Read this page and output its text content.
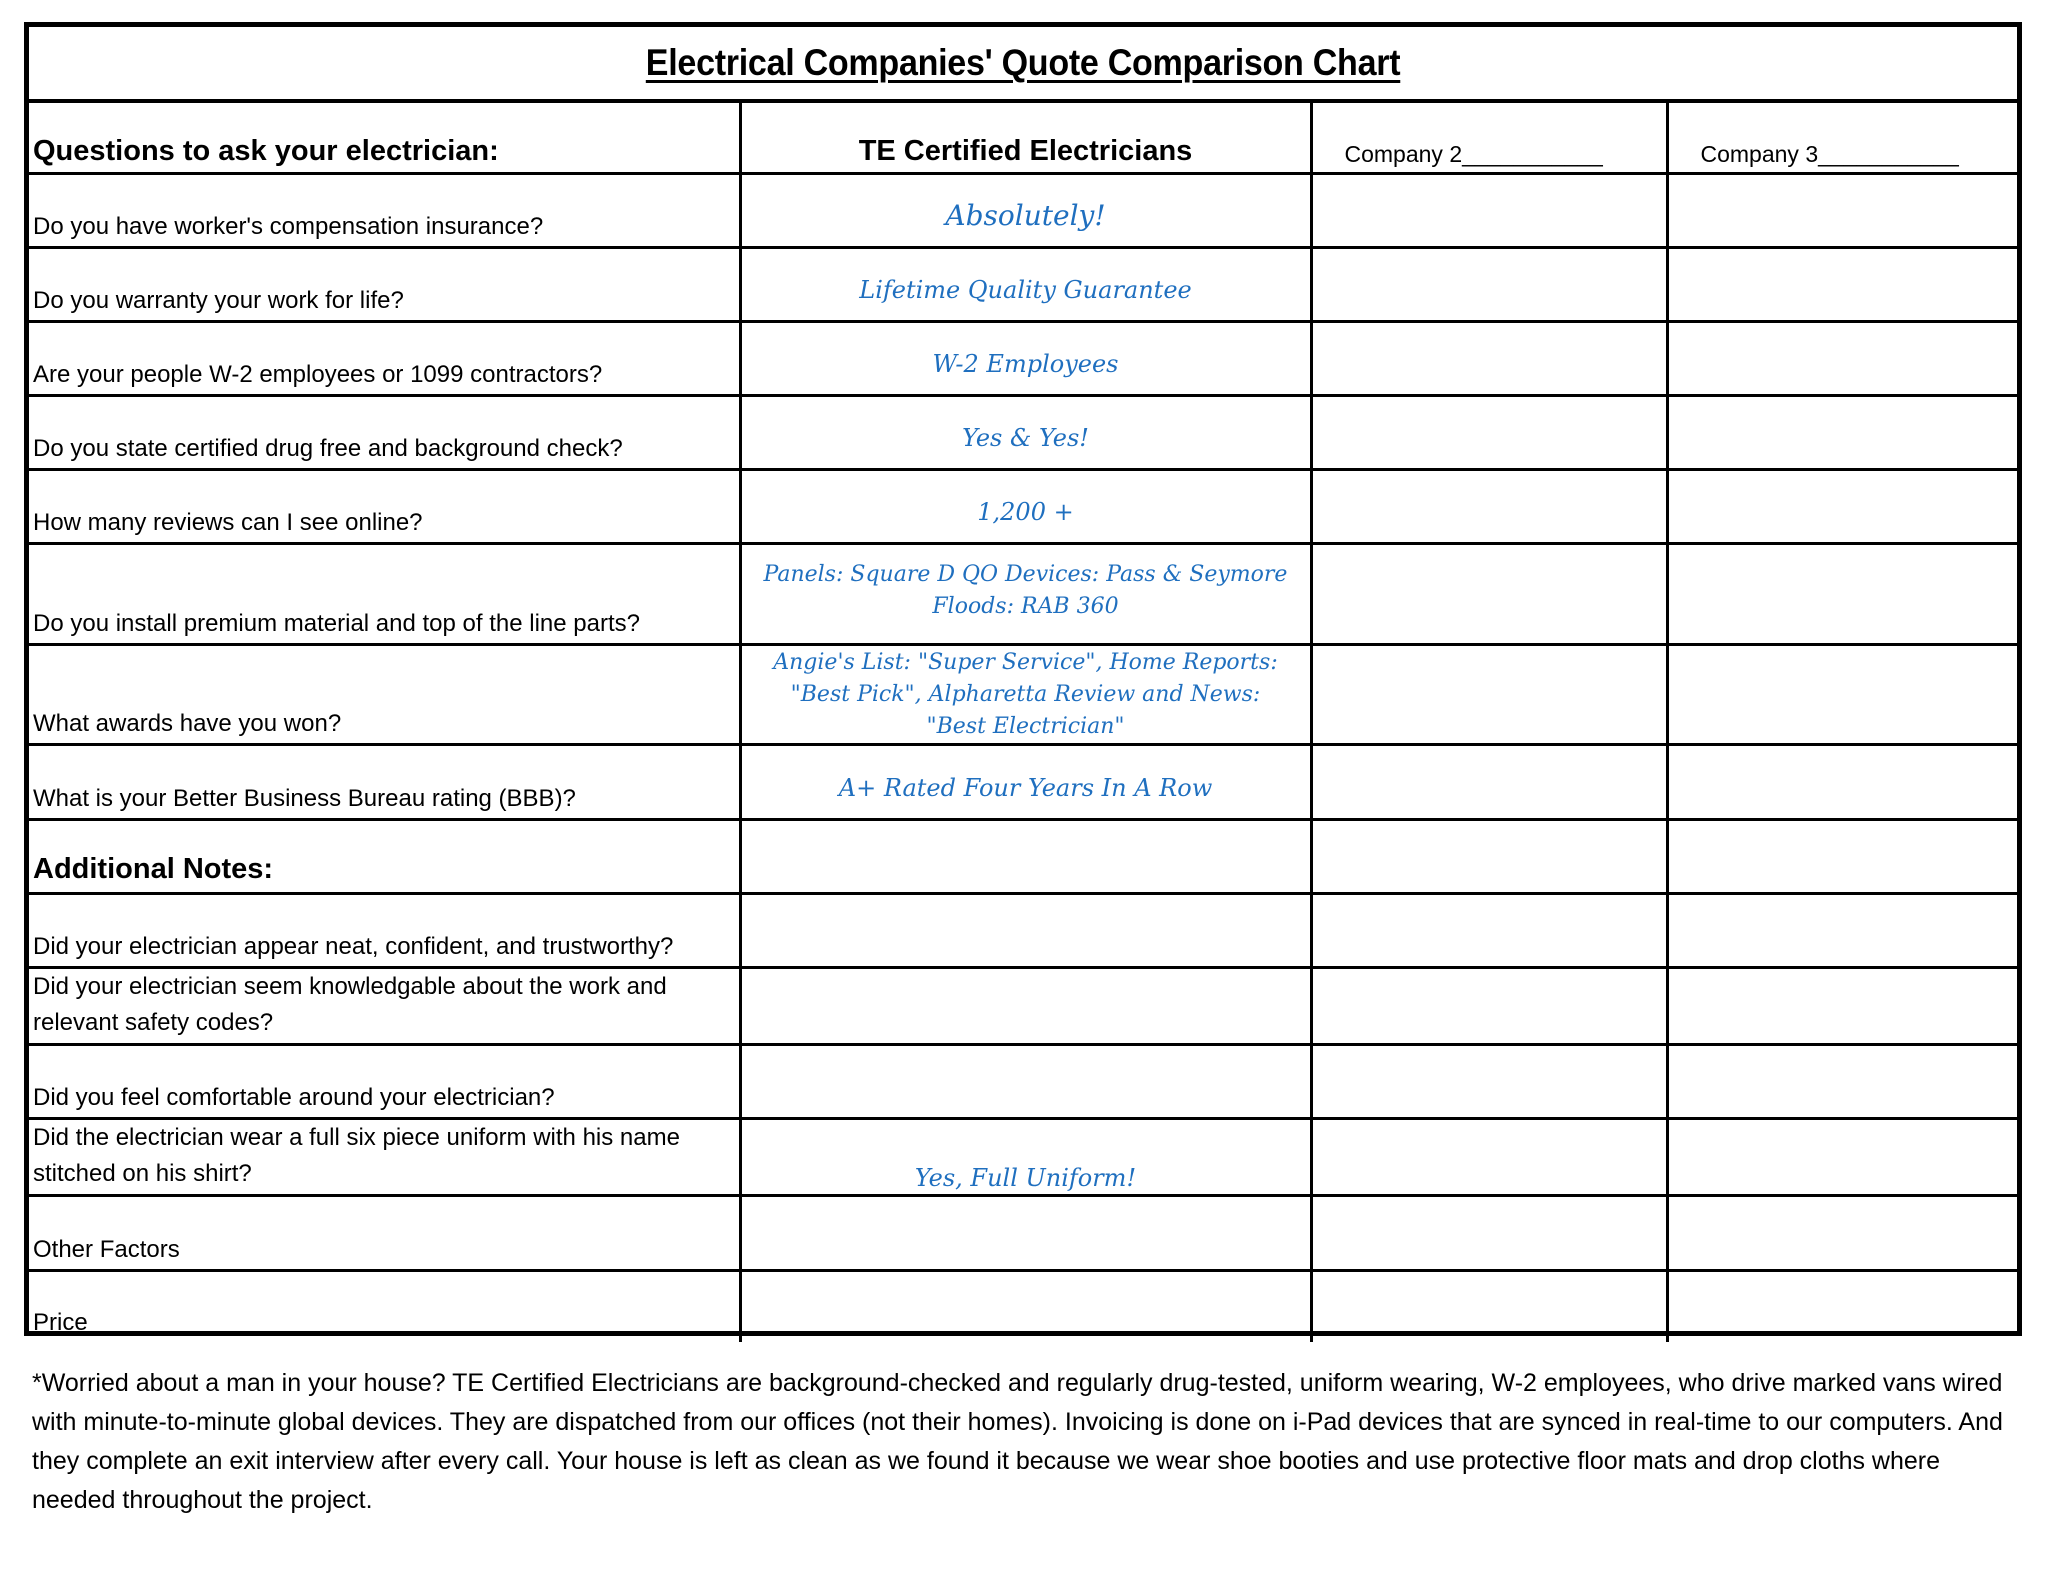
Electrical Companies' Quote Comparison Chart
Questions to ask your electrician:	TE Certified Electricians	Company 2___________	Company 3___________

Do you have worker's compensation insurance?	Absolutely!		

Do you warranty your work for life?	Lifetime Quality Guarantee		

Are your people W-2 employees or 1099 contractors?	W-2 Employees		

Do you state certified drug free and background check?	Yes & Yes!		

How many reviews can I see online?	1,200 +		

Do you install premium material and top of the line parts?	Panels: Square D QO Devices: Pass & Seymore Floods: RAB 360		

What awards have you won?	Angie's List: "Super Service", Home Reports: "Best Pick", Alpharetta Review and News: "Best Electrician"		

What is your Better Business Bureau rating (BBB)?	A+ Rated Four Years In A Row		

Additional Notes:			

Did your electrician appear neat, confident, and trustworthy?			

Did your electrician seem knowledgable about the work and relevant safety codes?			

Did you feel comfortable around your electrician?			

Did the electrician wear a full six piece uniform with his name stitched on his shirt?	Yes, Full Uniform!		

Other Factors			

Price			

*Worried about a man in your house? TE Certified Electricians are background-checked and regularly drug-tested, uniform wearing, W-2 employees, who drive marked vans wired with minute-to-minute global devices. They are dispatched from our offices (not their homes). Invoicing is done on i-Pad devices that are synced in real-time to our computers. And they complete an exit interview after every call. Your house is left as clean as we found it because we wear shoe booties and use protective floor mats and drop cloths where needed throughout the project.
